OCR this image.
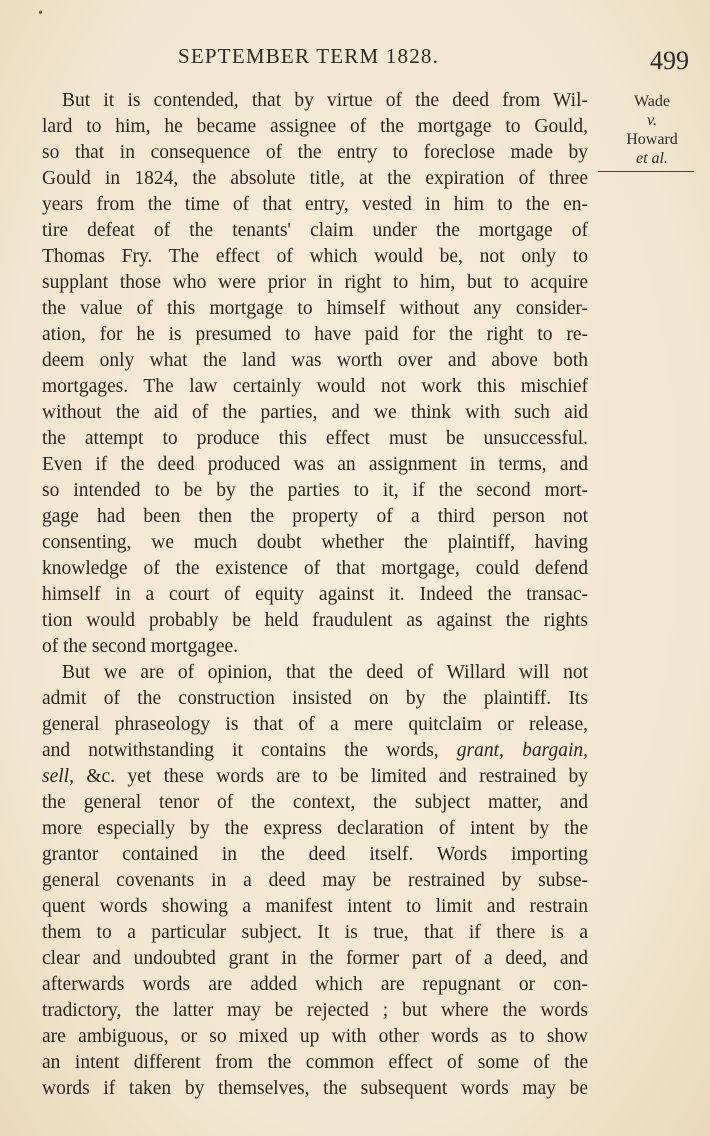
•
SEPTEMBER TERM 1828.	499
Wade
v.
Howard
et al.
But it is contended, that by virtue of the deed from Wil-
lard to him, he became assignee of the mortgage to Gould,
so that in consequence of the entry to foreclose made by
Gould in 1824, the absolute title, at the expiration of three
years from the time of that entry, vested in him to the en-
tire defeat of the tenants' claim under the mortgage of
Thomas Fry. The effect of which would be, not only to
supplant those who were prior in right to him, but to acquire
the value of this mortgage to himself without any consider-
ation, for he is presumed to have paid for the right to re-
deem only what the land was worth over and above both
mortgages. The law certainly would not work this mischief
without the aid of the parties, and we think with such aid
the attempt to produce this effect must be unsuccessful.
Even if the deed produced was an assignment in terms, and
so intended to be by the parties to it, if the second mort-
gage had been then the property of a third person not
consenting, we much doubt whether the plaintiff, having
knowledge of the existence of that mortgage, could defend
himself in a court of equity against it. Indeed the transac-
tion would probably be held fraudulent as against the rights
of the second mortgagee.
But we are of opinion, that the deed of Willard will not
admit of the construction insisted on by the plaintiff. Its
general phraseology is that of a mere quitclaim or release,
and notwithstanding it contains the words, grant, bargain,
sell, &c. yet these words are to be limited and restrained by
the general tenor of the context, the subject matter, and
more especially by the express declaration of intent by the
grantor contained in the deed itself. Words importing
general covenants in a deed may be restrained by subse-
quent words showing a manifest intent to limit and restrain
them to a particular subject. It is true, that if there is a
clear and undoubted grant in the former part of a deed, and
afterwards words are added which are repugnant or con-
tradictory, the latter may be rejected ; but where the words
are ambiguous, or so mixed up with other words as to show
an intent different from the common effect of some of the
words if taken by themselves, the subsequent words may be
